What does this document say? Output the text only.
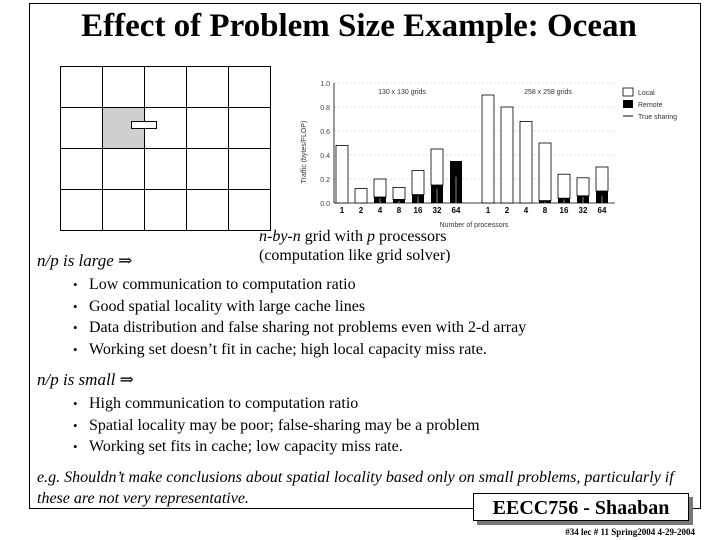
Effect of Problem Size Example: Ocean

0.0
0.2
0.4
0.6
0.8
1.0
Traffic (bytes/FLOP)
1 2 4 8 16 32 64
130 x 130 grids
1 2 4 8 16 32 64
258 x 258 grids
Number of processors
Local
Remote
True sharing
n-by-n grid with p processors
(computation like grid solver)
n/p is large ⇒
• Low communication to computation ratio
• Good spatial locality with large cache lines
• Data distribution and false sharing not problems even with 2-d array
• Working set doesn’t fit in cache; high local capacity miss rate.
n/p is small ⇒
• High communication to computation ratio
• Spatial locality may be poor; false-sharing may be a problem
• Working set fits in cache; low capacity miss rate.
e.g. Shouldn’t make conclusions about spatial locality based only on small problems, particularly if these are not very representative.	EECC756 - Shaaban
#34 lec # 11 Spring2004 4-29-2004
